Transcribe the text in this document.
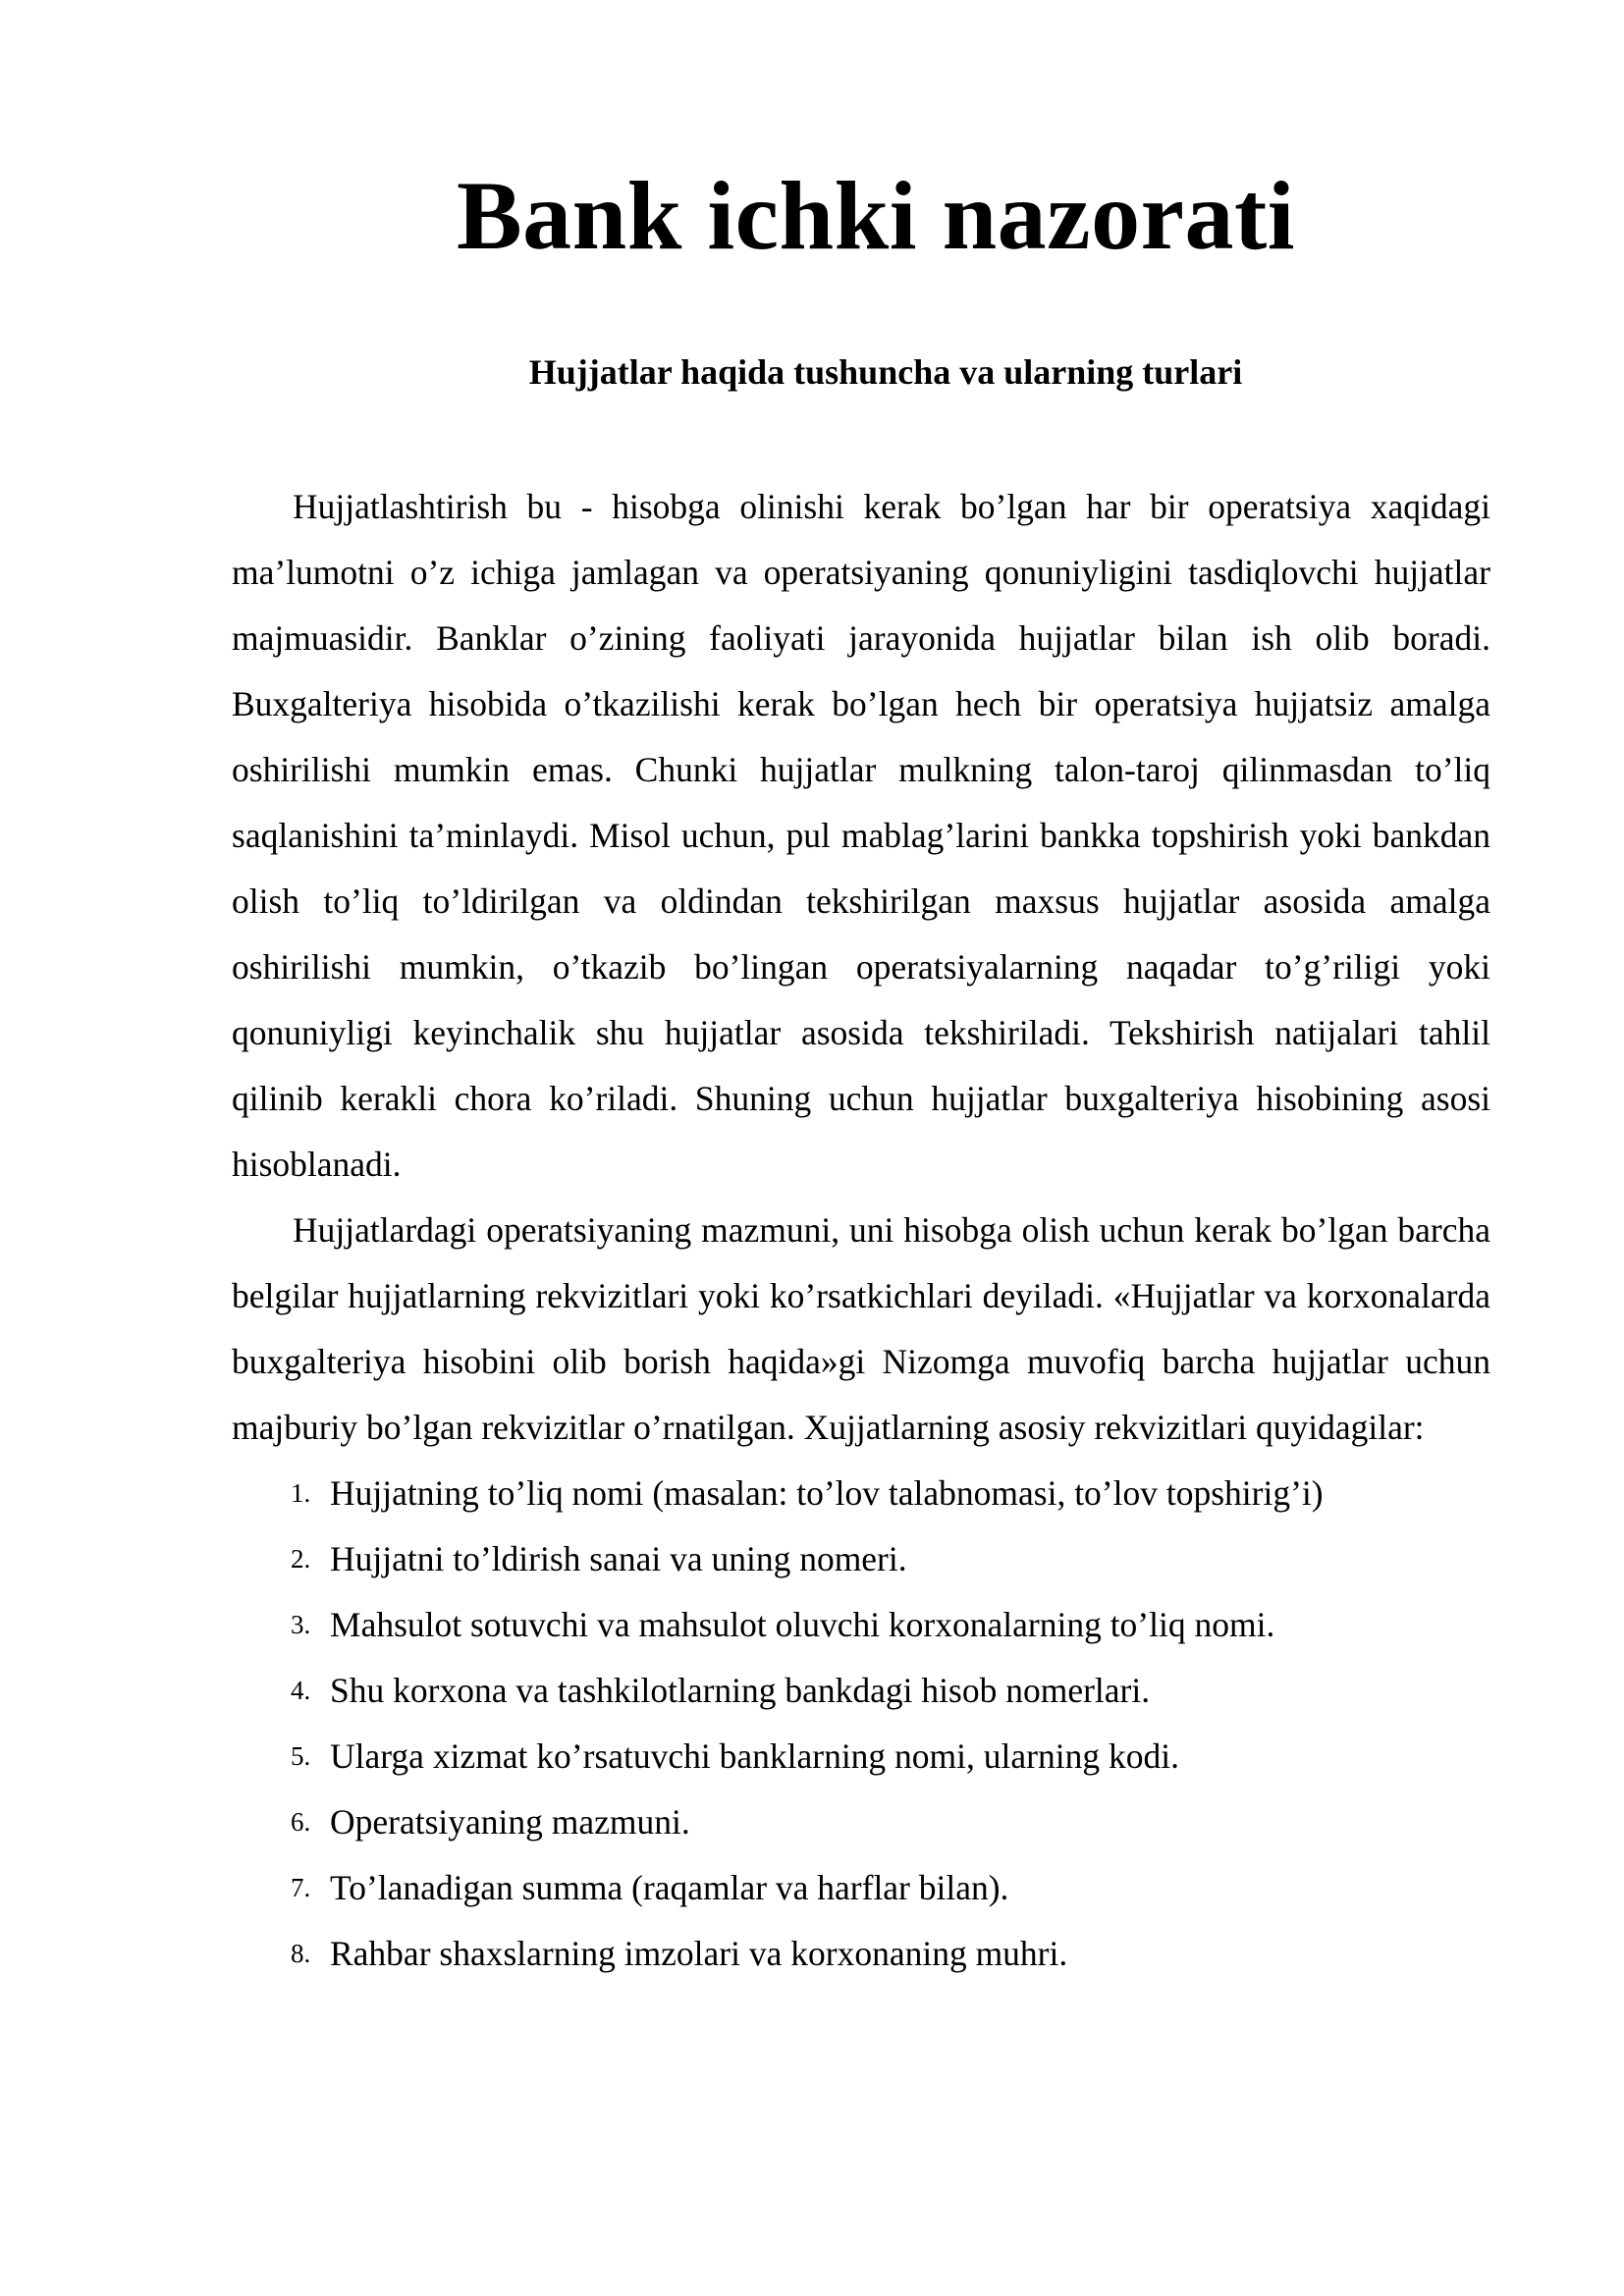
Bank ichki nazorati
Hujjatlar haqida tushuncha va ularning turlari

Hujjatlashtirish bu - hisobga olinishi kerak bo’lgan har bir operatsiya xaqidagi ma’lumotni o’z ichiga jamlagan va operatsiyaning qonuniyligini tasdiqlovchi hujjatlar majmuasidir. Banklar o’zining faoliyati jarayonida hujjatlar bilan ish olib boradi. Buxgalteriya hisobida o’tkazilishi kerak bo’lgan hech bir operatsiya hujjatsiz amalga oshirilishi mumkin emas. Chunki hujjatlar mulkning talon-taroj qilinmasdan to’liq saqlanishini ta’minlaydi. Misol uchun, pul mablag’larini bankka topshirish yoki bankdan olish to’liq to’ldirilgan va oldindan tekshirilgan maxsus hujjatlar asosida amalga oshirilishi mumkin, o’tkazib bo’lingan operatsiyalarning naqadar to’g’riligi yoki qonuniyligi keyinchalik shu hujjatlar asosida tekshiriladi. Tekshirish natijalari tahlil qilinib kerakli chora ko’riladi. Shuning uchun hujjatlar buxgalteriya hisobining asosi hisoblanadi.

Hujjatlardagi operatsiyaning mazmuni, uni hisobga olish uchun kerak bo’lgan barcha belgilar hujjatlarning rekvizitlari yoki ko’rsatkichlari deyiladi. «Hujjatlar va korxonalarda buxgalteriya hisobini olib borish haqida»gi Nizomga muvofiq barcha hujjatlar uchun majburiy bo’lgan rekvizitlar o’rnatilgan. Xujjatlarning asosiy rekvizitlari quyidagilar:

1. Hujjatning to’liq nomi (masalan: to’lov talabnomasi, to’lov topshirig’i)
2. Hujjatni to’ldirish sanai va uning nomeri.
3. Mahsulot sotuvchi va mahsulot oluvchi korxonalarning to’liq nomi.
4. Shu korxona va tashkilotlarning bankdagi hisob nomerlari.
5. Ularga xizmat ko’rsatuvchi banklarning nomi, ularning kodi.
6. Operatsiyaning mazmuni.
7. To’lanadigan summa (raqamlar va harflar bilan).
8. Rahbar shaxslarning imzolari va korxonaning muhri.
